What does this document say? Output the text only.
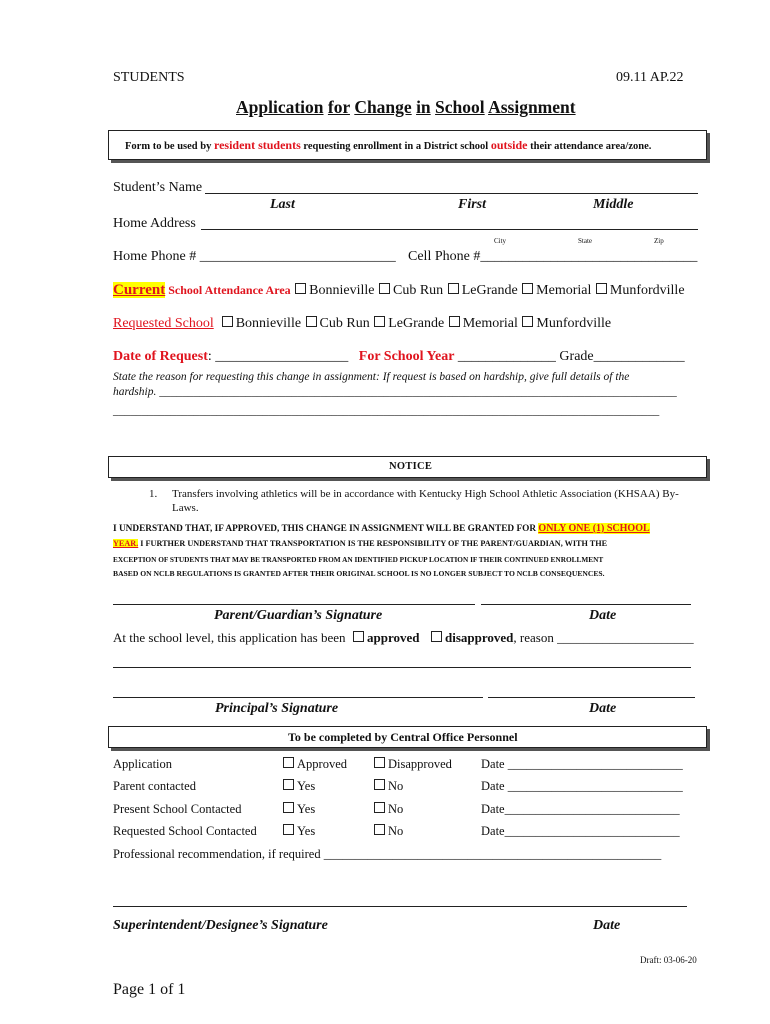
STUDENTS	09.11 AP.22
Application for Change in School Assignment
Form to be used by resident students requesting enrollment in a District school outside their attendance area/zone.
Student’s Name
Last	First	Middle
Home Address
City	State	Zip
Home Phone # ____________________________ Cell Phone #_______________________________
Current School Attendance Area Bonnieville Cub Run LeGrande Memorial Munfordville
Requested School Bonnieville Cub Run LeGrande Memorial Munfordville
Date of Request: ___________________ For School Year ______________ Grade_____________
State the reason for requesting this change in assignment: If request is based on hardship, give full details of the
hardship. __________________________________________________________________________________________
_______________________________________________________________________________________________
NOTICE
1. Transfers involving athletics will be in accordance with Kentucky High School Athletic Association (KHSAA) By-
Laws.
I UNDERSTAND THAT, IF APPROVED, THIS CHANGE IN ASSIGNMENT WILL BE GRANTED FOR ONLY ONE (1) SCHOOL
YEAR. I FURTHER UNDERSTAND THAT TRANSPORTATION IS THE RESPONSIBILITY OF THE PARENT/GUARDIAN, WITH THE
EXCEPTION OF STUDENTS THAT MAY BE TRANSPORTED FROM AN IDENTIFIED PICKUP LOCATION IF THEIR CONTINUED ENROLLMENT
BASED ON NCLB REGULATIONS IS GRANTED AFTER THEIR ORIGINAL SCHOOL IS NO LONGER SUBJECT TO NCLB CONSEQUENCES.
Parent/Guardian’s Signature	Date
At the school level, this application has been approved	disapproved, reason _____________________
Principal’s Signature	Date
To be completed by Central Office Personnel
Application	Approved	Disapproved Date ____________________________
Parent contacted	Yes	No	Date ____________________________
Present School Contacted	Yes	No	Date____________________________
Requested School Contacted	Yes	No	Date____________________________
Professional recommendation, if required ______________________________________________________
Superintendent/Designee’s Signature	Date
Draft: 03-06-20
Page 1 of 1
